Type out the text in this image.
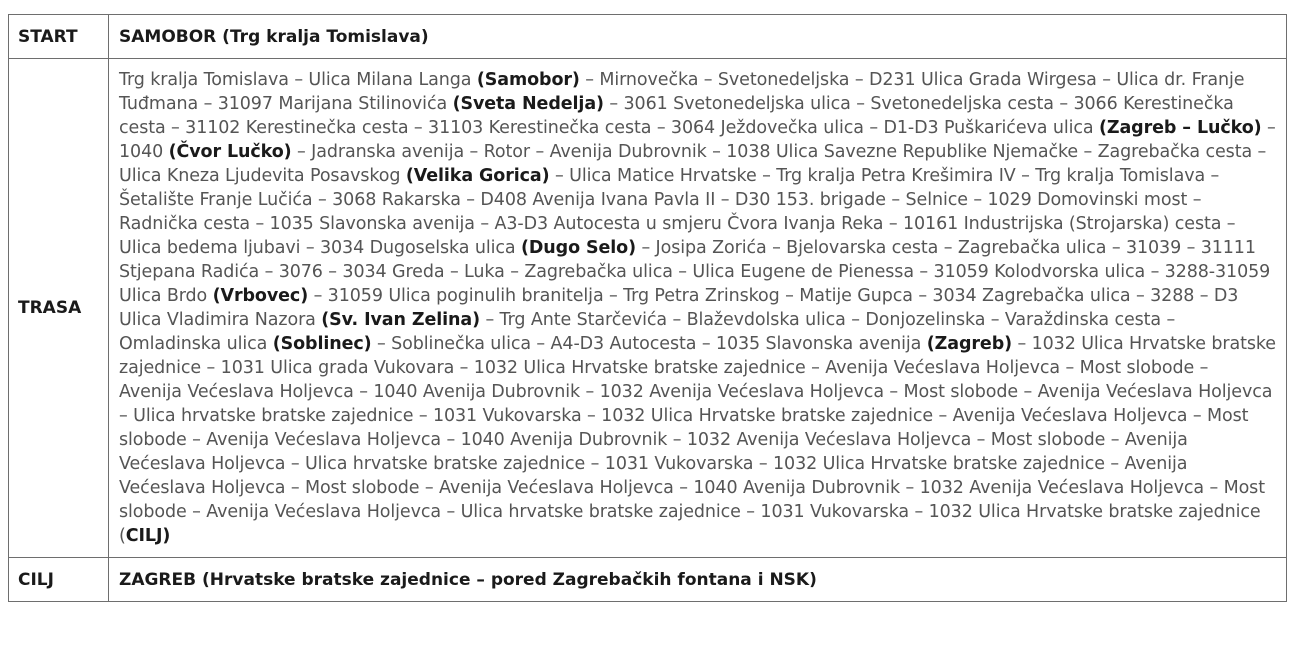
START	SAMOBOR (Trg kralja Tomislava)
TRASA	Trg kralja Tomislava – Ulica Milana Langa (Samobor) – Mirnovečka – Svetonedeljska – D231 Ulica Grada Wirgesa – Ulica dr. Franje Tuđmana – 31097 Marijana Stilinovića (Sveta Nedelja) – 3061 Svetonedeljska ulica – Svetonedeljska cesta – 3066 Kerestinečka cesta – 31102 Kerestinečka cesta – 31103 Kerestinečka cesta – 3064 Ježdovečka ulica – D1-D3 Puškarićeva ulica (Zagreb – Lučko) – 1040 (Čvor Lučko) – Jadranska avenija – Rotor – Avenija Dubrovnik – 1038 Ulica Savezne Republike Njemačke – Zagrebačka cesta – Ulica Kneza Ljudevita Posavskog (Velika Gorica) – Ulica Matice Hrvatske – Trg kralja Petra Krešimira IV – Trg kralja Tomislava – Šetalište Franje Lučića – 3068 Rakarska – D408 Avenija Ivana Pavla II – D30 153. brigade – Selnice – 1029 Domovinski most – Radnička cesta – 1035 Slavonska avenija – A3-D3 Autocesta u smjeru Čvora Ivanja Reka – 10161 Industrijska (Strojarska) cesta – Ulica bedema ljubavi – 3034 Dugoselska ulica (Dugo Selo) – Josipa Zorića – Bjelovarska cesta – Zagrebačka ulica – 31039 – 31111 Stjepana Radića – 3076 – 3034 Greda – Luka – Zagrebačka ulica – Ulica Eugene de Pienessa – 31059 Kolodvorska ulica – 3288-31059 Ulica Brdo (Vrbovec) – 31059 Ulica poginulih branitelja – Trg Petra Zrinskog – Matije Gupca – 3034 Zagrebačka ulica – 3288 – D3 Ulica Vladimira Nazora (Sv. Ivan Zelina) – Trg Ante Starčevića – Blaževdolska ulica – Donjozelinska – Varaždinska cesta – Omladinska ulica (Soblinec) – Soblinečka ulica – A4-D3 Autocesta – 1035 Slavonska avenija (Zagreb) – 1032 Ulica Hrvatske bratske zajednice – 1031 Ulica grada Vukovara – 1032 Ulica Hrvatske bratske zajednice – Avenija Većeslava Holjevca – Most slobode – Avenija Većeslava Holjevca – 1040 Avenija Dubrovnik – 1032 Avenija Većeslava Holjevca – Most slobode – Avenija Većeslava Holjevca – Ulica hrvatske bratske zajednice – 1031 Vukovarska – 1032 Ulica Hrvatske bratske zajednice – Avenija Većeslava Holjevca – Most slobode – Avenija Većeslava Holjevca – 1040 Avenija Dubrovnik – 1032 Avenija Većeslava Holjevca – Most slobode – Avenija Većeslava Holjevca – Ulica hrvatske bratske zajednice – 1031 Vukovarska – 1032 Ulica Hrvatske bratske zajednice – Avenija Većeslava Holjevca – Most slobode – Avenija Većeslava Holjevca – 1040 Avenija Dubrovnik – 1032 Avenija Većeslava Holjevca – Most slobode – Avenija Većeslava Holjevca – Ulica hrvatske bratske zajednice – 1031 Vukovarska – 1032 Ulica Hrvatske bratske zajednice (CILJ)
CILJ	ZAGREB (Hrvatske bratske zajednice – pored Zagrebačkih fontana i NSK)
